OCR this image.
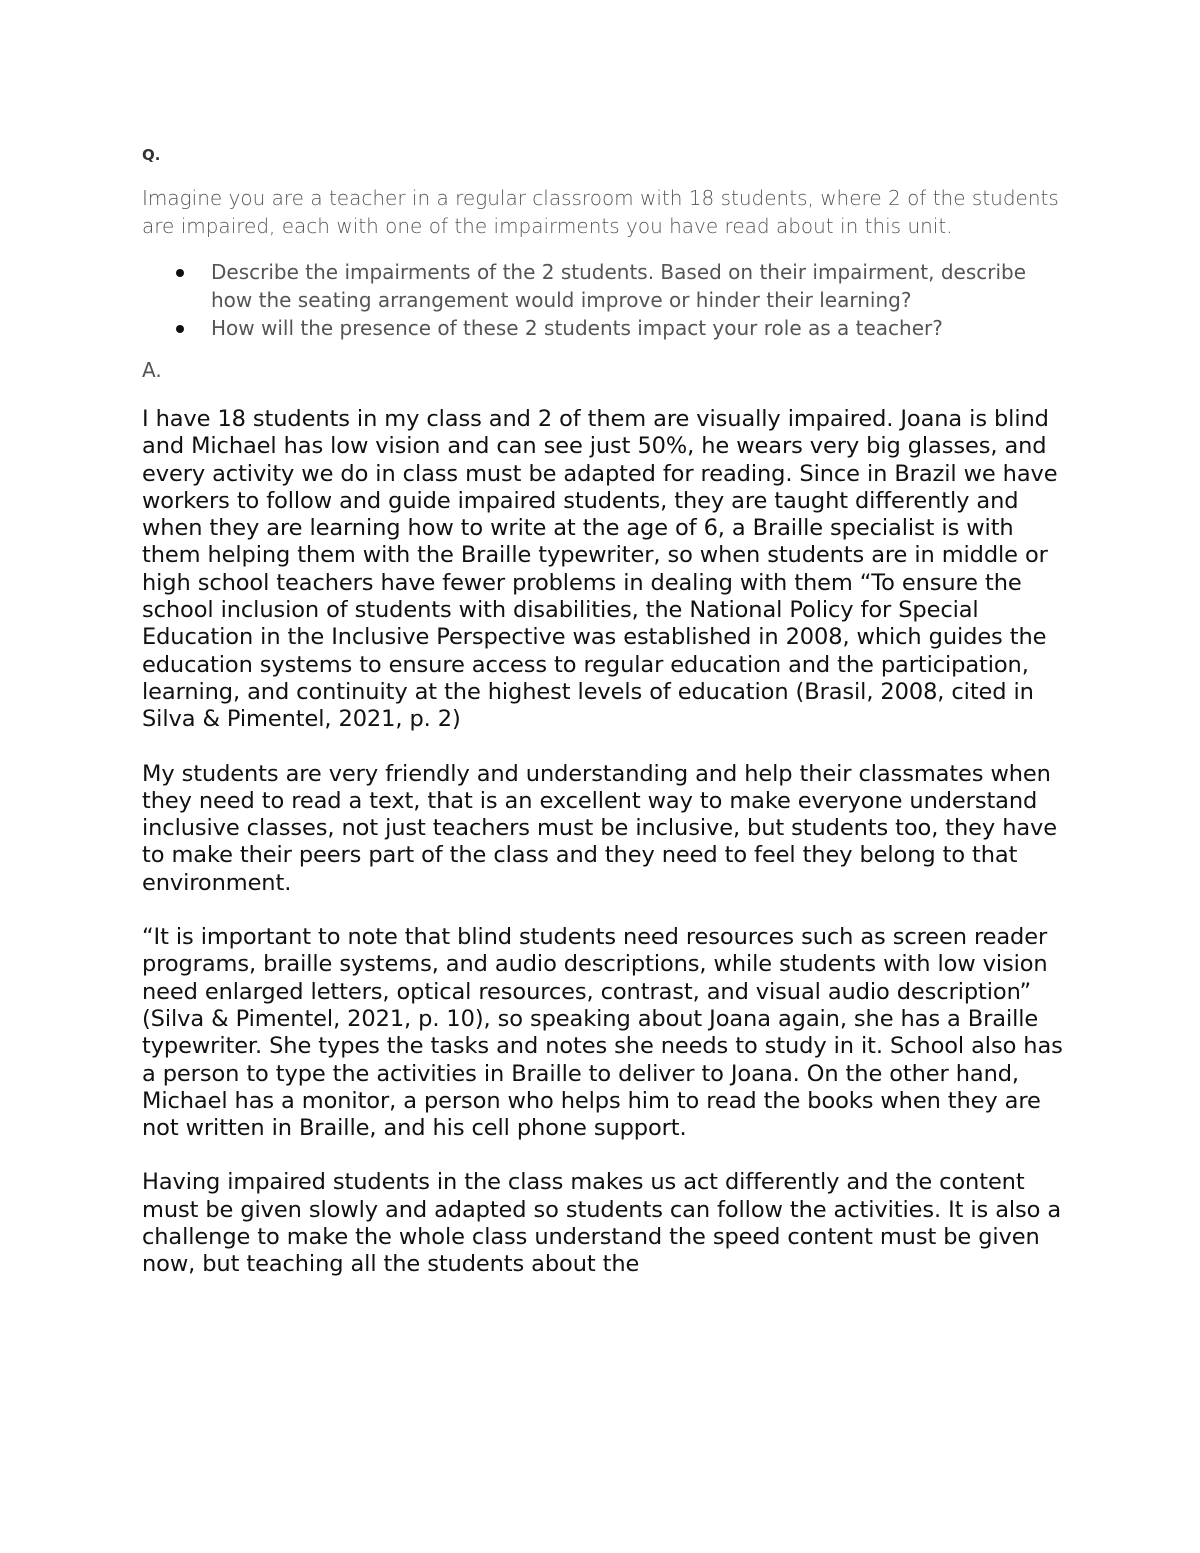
Q.

Imagine you are a teacher in a regular classroom with 18 students, where 2 of the students are impaired, each with one of the impairments you have read about in this unit.

Describe the impairments of the 2 students. Based on their impairment, describe how the seating arrangement would improve or hinder their learning?
How will the presence of these 2 students impact your role as a teacher?
A.

I have 18 students in my class and 2 of them are visually impaired. Joana is blind and Michael has low vision and can see just 50%, he wears very big glasses, and every activity we do in class must be adapted for reading. Since in Brazil we have workers to follow and guide impaired students, they are taught differently and when they are learning how to write at the age of 6, a Braille specialist is with them helping them with the Braille typewriter, so when students are in middle or high school teachers have fewer problems in dealing with them “To ensure the school inclusion of students with disabilities, the National Policy for Special Education in the Inclusive Perspective was established in 2008, which guides the education systems to ensure access to regular education and the participation, learning, and continuity at the highest levels of education (Brasil, 2008, cited in Silva & Pimentel, 2021, p. 2)

My students are very friendly and understanding and help their classmates when they need to read a text, that is an excellent way to make everyone understand inclusive classes, not just teachers must be inclusive, but students too, they have to make their peers part of the class and they need to feel they belong to that environment.

“It is important to note that blind students need resources such as screen reader programs, braille systems, and audio descriptions, while students with low vision need enlarged letters, optical resources, contrast, and visual audio description” (Silva & Pimentel, 2021, p. 10), so speaking about Joana again, she has a Braille typewriter. She types the tasks and notes she needs to study in it. School also has a person to type the activities in Braille to deliver to Joana. On the other hand, Michael has a monitor, a person who helps him to read the books when they are not written in Braille, and his cell phone support.

Having impaired students in the class makes us act differently and the content must be given slowly and adapted so students can follow the activities. It is also a challenge to make the whole class understand the speed content must be given now, but teaching all the students about the
